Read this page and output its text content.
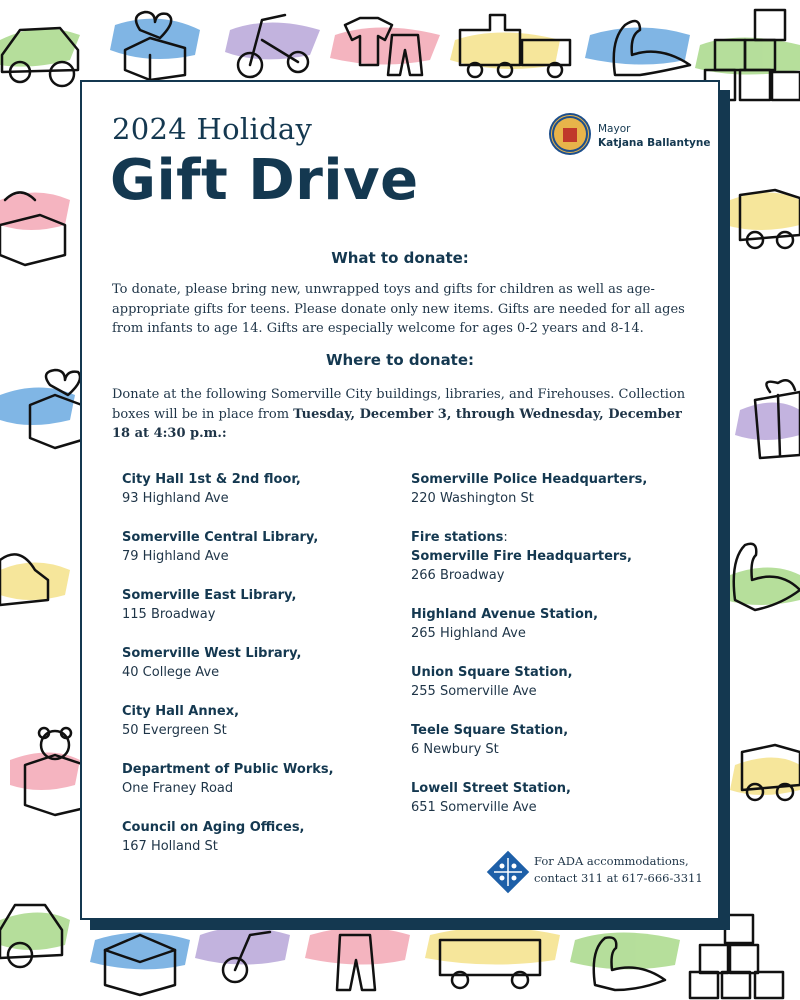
2024 Holiday
Gift Drive
Mayor
Katjana Ballantyne
What to donate:
To donate, please bring new, unwrapped toys and gifts for children as well as age-appropriate gifts for teens. Please donate only new items. Gifts are needed for all ages from infants to age 14. Gifts are especially welcome for ages 0-2 years and 8-14.
Where to donate:
Donate at the following Somerville City buildings, libraries, and Firehouses. Collection boxes will be in place from Tuesday, December 3, through Wednesday, December 18 at 4:30 p.m.:
City Hall 1st & 2nd floor,
93 Highland Ave
Somerville Central Library,
79 Highland Ave
Somerville East Library,
115 Broadway
Somerville West Library,
40 College Ave
City Hall Annex,
50 Evergreen St
Department of Public Works,
One Franey Road
Council on Aging Offices,
167 Holland St
Somerville Police Headquarters,
220 Washington St
Fire stations:
Somerville Fire Headquarters,
266 Broadway
Highland Avenue Station,
265 Highland Ave
Union Square Station,
255 Somerville Ave
Teele Square Station,
6 Newbury St
Lowell Street Station,
651 Somerville Ave
For ADA accommodations,
contact 311 at 617-666-3311
